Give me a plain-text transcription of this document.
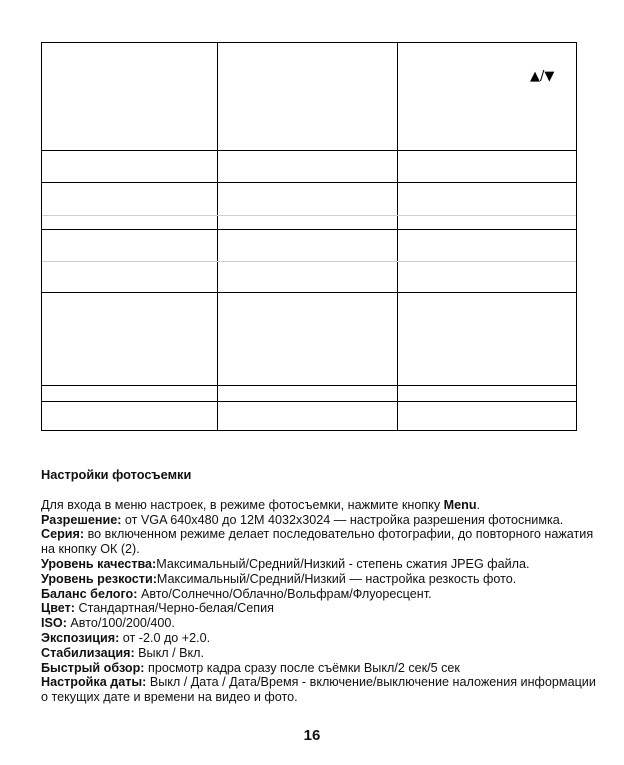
▲/▼
Настройки фотосъемки

Для входа в меню настроек, в режиме фотосъемки, нажмите кнопку Menu.

Разрешение: от VGA 640x480 до 12M 4032x3024 — настройка разрешения фотоснимка.

Серия: во включенном режиме делает последовательно фотографии, до повторного нажатия на кнопку ОК (2).

Уровень качества:Максимальный/Средний/Низкий - степень сжатия JPEG файла.

Уровень резкости:Максимальный/Средний/Низкий — настройка резкость фото.

Баланс белого: Авто/Солнечно/Облачно/Вольфрам/Флуоресцент.

Цвет: Стандартная/Черно-белая/Сепия

ISO: Авто/100/200/400.

Экспозиция: от -2.0 до +2.0.

Стабилизация: Выкл / Вкл.

Быстрый обзор: просмотр кадра сразу после съёмки Выкл/2 сек/5 сек

Настройка даты: Выкл / Дата / Дата/Время - включение/выключение наложения информации о текущих дате и времени на видео и фото.

16
